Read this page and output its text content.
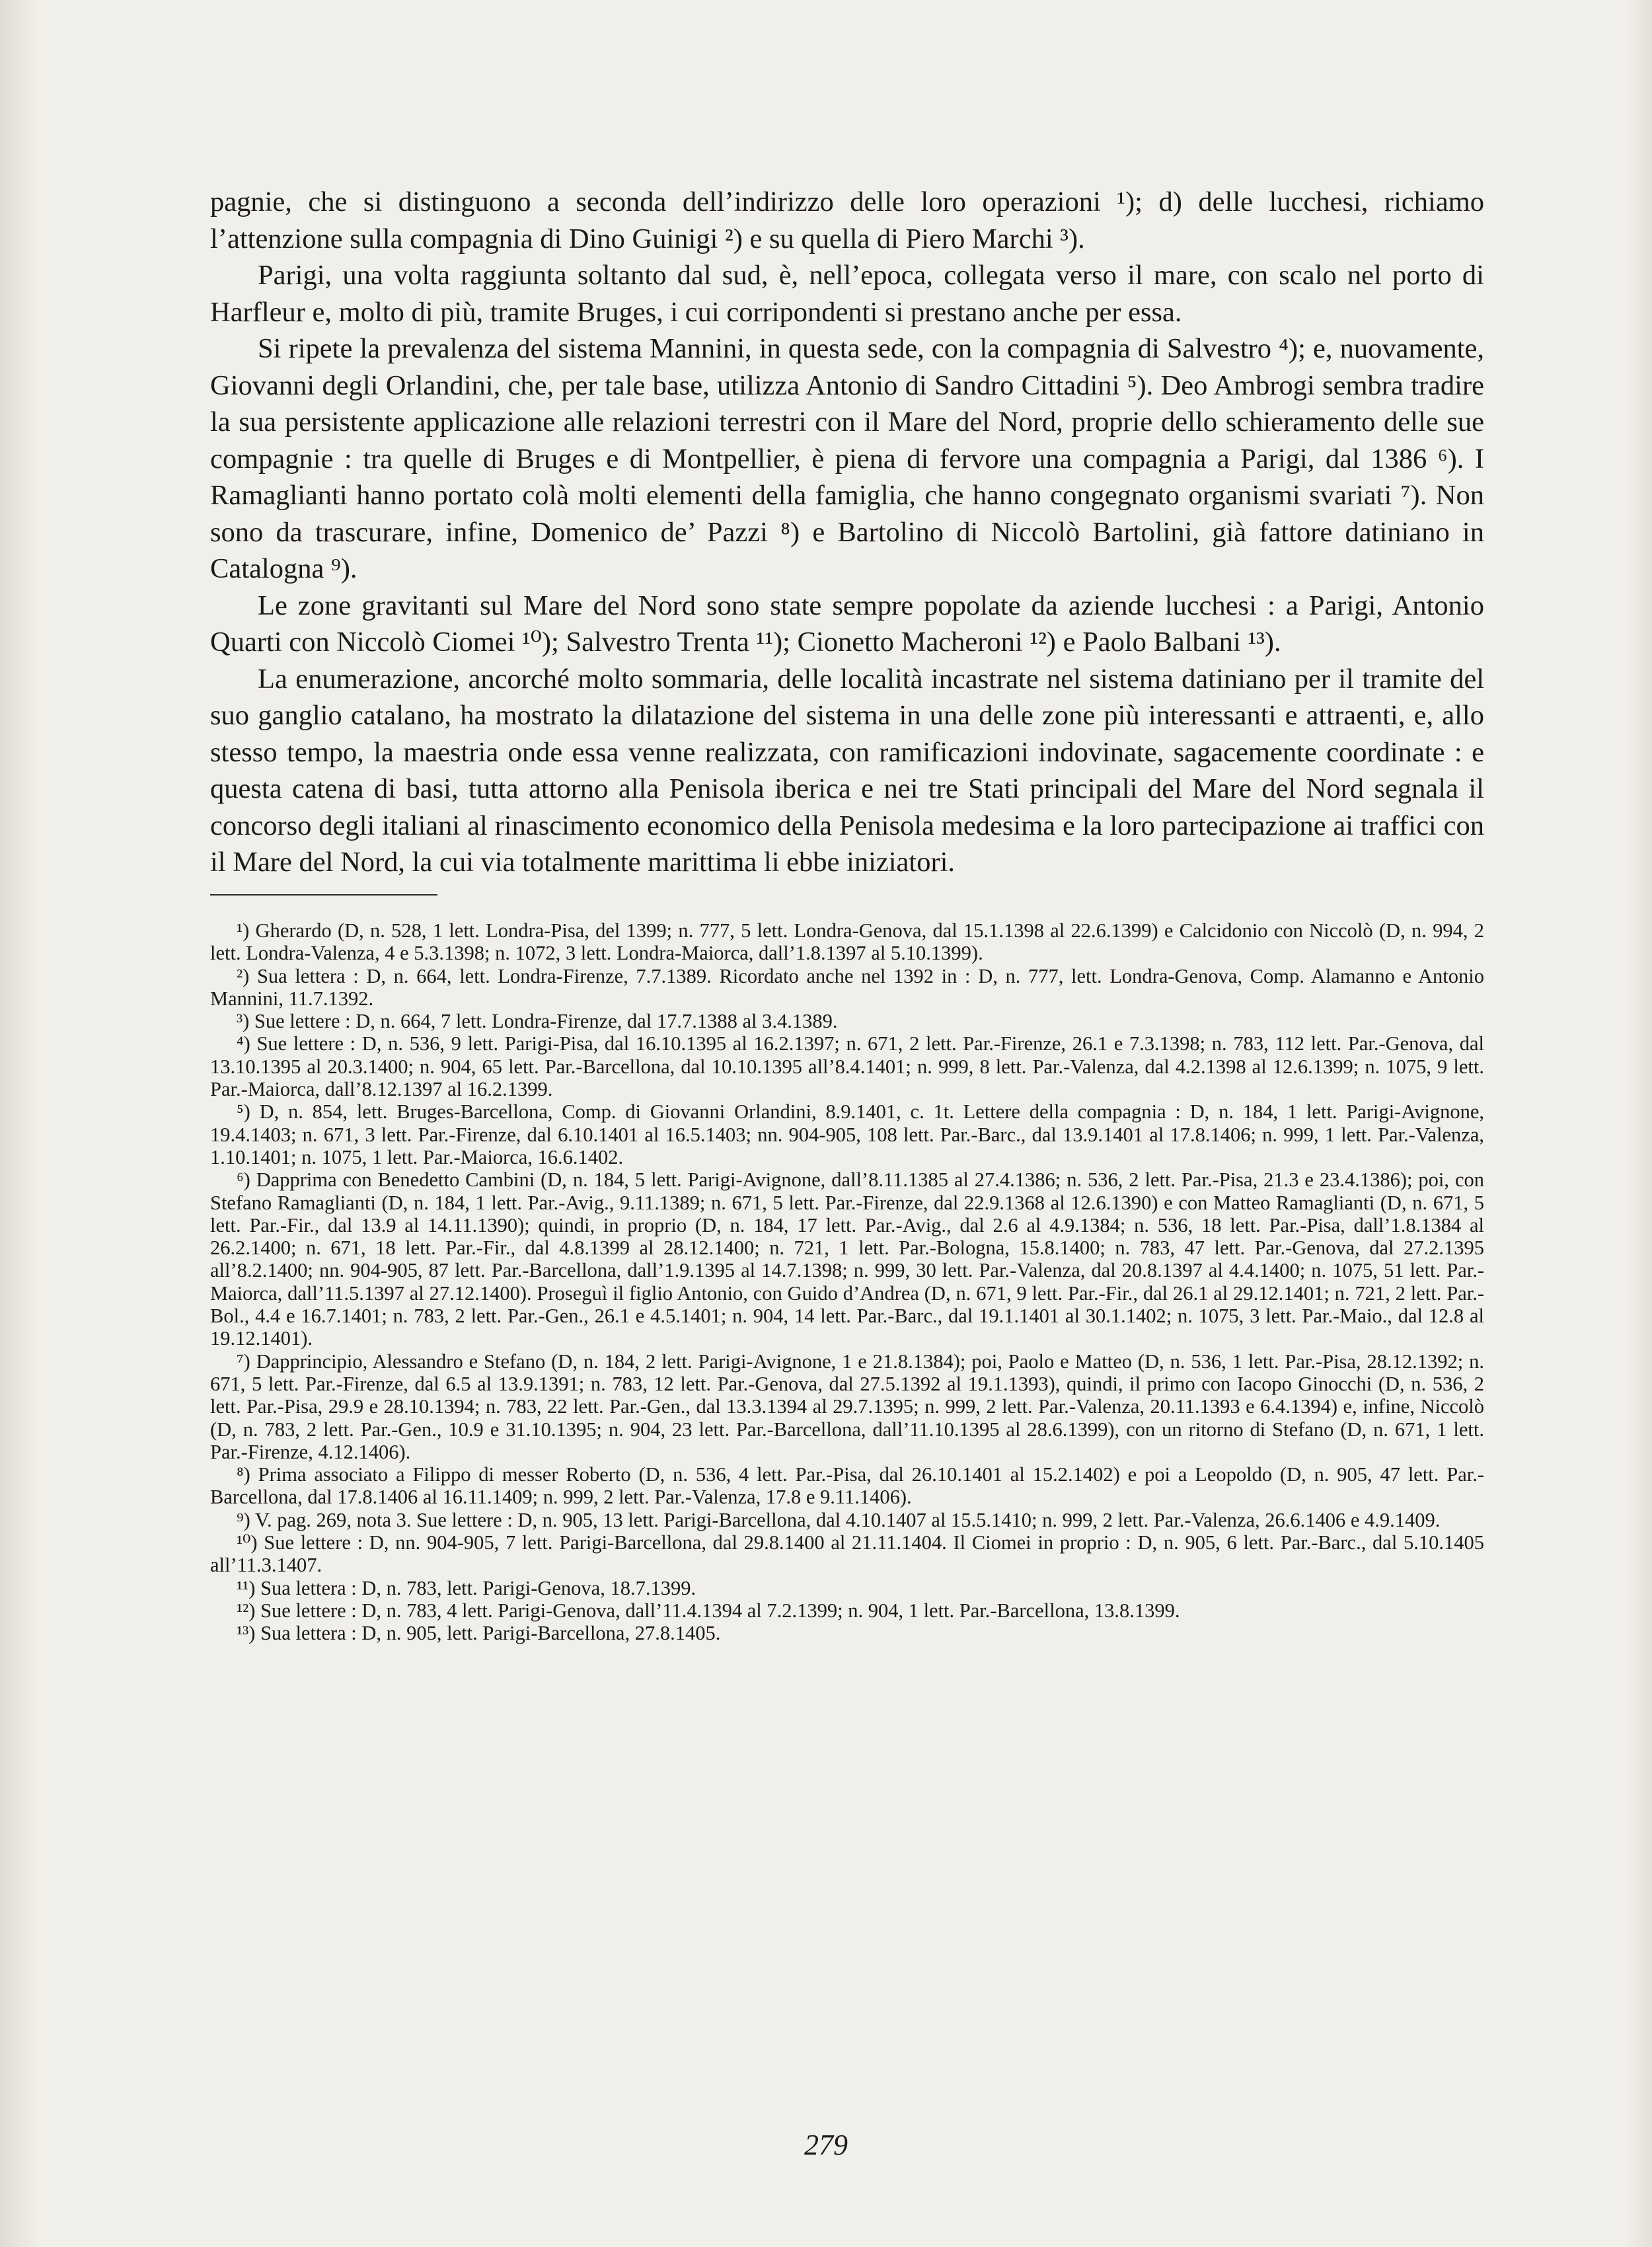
pagnie, che si distinguono a seconda dell’indirizzo delle loro operazioni ¹); d) delle lucchesi, richiamo l’attenzione sulla compagnia di Dino Guinigi ²) e su quella di Piero Marchi ³).

Parigi, una volta raggiunta soltanto dal sud, è, nell’epoca, collegata verso il mare, con scalo nel porto di Harfleur e, molto di più, tramite Bruges, i cui corripondenti si prestano anche per essa.

Si ripete la prevalenza del sistema Mannini, in questa sede, con la compagnia di Salvestro ⁴); e, nuovamente, Giovanni degli Orlandini, che, per tale base, utilizza Antonio di Sandro Cittadini ⁵). Deo Ambrogi sembra tradire la sua persistente applicazione alle relazioni terrestri con il Mare del Nord, proprie dello schieramento delle sue compagnie : tra quelle di Bruges e di Montpellier, è piena di fervore una compagnia a Parigi, dal 1386 ⁶). I Ramaglianti hanno portato colà molti elementi della famiglia, che hanno congegnato organismi svariati ⁷). Non sono da trascurare, infine, Domenico de’ Pazzi ⁸) e Bartolino di Niccolò Bartolini, già fattore datiniano in Catalogna ⁹).

Le zone gravitanti sul Mare del Nord sono state sempre popolate da aziende lucchesi : a Parigi, Antonio Quarti con Niccolò Ciomei ¹⁰); Salvestro Trenta ¹¹); Cionetto Macheroni ¹²) e Paolo Balbani ¹³).

La enumerazione, ancorché molto sommaria, delle località incastrate nel sistema datiniano per il tramite del suo ganglio catalano, ha mostrato la dilatazione del sistema in una delle zone più interessanti e attraenti, e, allo stesso tempo, la maestria onde essa venne realizzata, con ramificazioni indovinate, sagacemente coordinate : e questa catena di basi, tutta attorno alla Penisola iberica e nei tre Stati principali del Mare del Nord segnala il concorso degli italiani al rinascimento economico della Penisola medesima e la loro partecipazione ai traffici con il Mare del Nord, la cui via totalmente marittima li ebbe iniziatori.

¹) Gherardo (D, n. 528, 1 lett. Londra-Pisa, del 1399; n. 777, 5 lett. Londra-Genova, dal 15.1.1398 al 22.6.1399) e Calcidonio con Niccolò (D, n. 994, 2 lett. Londra-Valenza, 4 e 5.3.1398; n. 1072, 3 lett. Londra-Maiorca, dall’1.8.1397 al 5.10.1399).

²) Sua lettera : D, n. 664, lett. Londra-Firenze, 7.7.1389. Ricordato anche nel 1392 in : D, n. 777, lett. Londra-Genova, Comp. Alamanno e Antonio Mannini, 11.7.1392.

³) Sue lettere : D, n. 664, 7 lett. Londra-Firenze, dal 17.7.1388 al 3.4.1389.

⁴) Sue lettere : D, n. 536, 9 lett. Parigi-Pisa, dal 16.10.1395 al 16.2.1397; n. 671, 2 lett. Par.-Firenze, 26.1 e 7.3.1398; n. 783, 112 lett. Par.-Genova, dal 13.10.1395 al 20.3.1400; n. 904, 65 lett. Par.-Barcellona, dal 10.10.1395 all’8.4.1401; n. 999, 8 lett. Par.-Valenza, dal 4.2.1398 al 12.6.1399; n. 1075, 9 lett. Par.-Maiorca, dall’8.12.1397 al 16.2.1399.

⁵) D, n. 854, lett. Bruges-Barcellona, Comp. di Giovanni Orlandini, 8.9.1401, c. 1t. Lettere della compagnia : D, n. 184, 1 lett. Parigi-Avignone, 19.4.1403; n. 671, 3 lett. Par.-Firenze, dal 6.10.1401 al 16.5.1403; nn. 904-905, 108 lett. Par.-Barc., dal 13.9.1401 al 17.8.1406; n. 999, 1 lett. Par.-Valenza, 1.10.1401; n. 1075, 1 lett. Par.-Maiorca, 16.6.1402.

⁶) Dapprima con Benedetto Cambini (D, n. 184, 5 lett. Parigi-Avignone, dall’8.11.1385 al 27.4.1386; n. 536, 2 lett. Par.-Pisa, 21.3 e 23.4.1386); poi, con Stefano Ramaglianti (D, n. 184, 1 lett. Par.-Avig., 9.11.1389; n. 671, 5 lett. Par.-Firenze, dal 22.9.1368 al 12.6.1390) e con Matteo Ramaglianti (D, n. 671, 5 lett. Par.-Fir., dal 13.9 al 14.11.1390); quindi, in proprio (D, n. 184, 17 lett. Par.-Avig., dal 2.6 al 4.9.1384; n. 536, 18 lett. Par.-Pisa, dall’1.8.1384 al 26.2.1400; n. 671, 18 lett. Par.-Fir., dal 4.8.1399 al 28.12.1400; n. 721, 1 lett. Par.-Bologna, 15.8.1400; n. 783, 47 lett. Par.-Genova, dal 27.2.1395 all’8.2.1400; nn. 904-905, 87 lett. Par.-Barcellona, dall’1.9.1395 al 14.7.1398; n. 999, 30 lett. Par.-Valenza, dal 20.8.1397 al 4.4.1400; n. 1075, 51 lett. Par.-Maiorca, dall’11.5.1397 al 27.12.1400). Proseguì il figlio Antonio, con Guido d’Andrea (D, n. 671, 9 lett. Par.-Fir., dal 26.1 al 29.12.1401; n. 721, 2 lett. Par.-Bol., 4.4 e 16.7.1401; n. 783, 2 lett. Par.-Gen., 26.1 e 4.5.1401; n. 904, 14 lett. Par.-Barc., dal 19.1.1401 al 30.1.1402; n. 1075, 3 lett. Par.-Maio., dal 12.8 al 19.12.1401).

⁷) Dapprincipio, Alessandro e Stefano (D, n. 184, 2 lett. Parigi-Avignone, 1 e 21.8.1384); poi, Paolo e Matteo (D, n. 536, 1 lett. Par.-Pisa, 28.12.1392; n. 671, 5 lett. Par.-Firenze, dal 6.5 al 13.9.1391; n. 783, 12 lett. Par.-Genova, dal 27.5.1392 al 19.1.1393), quindi, il primo con Iacopo Ginocchi (D, n. 536, 2 lett. Par.-Pisa, 29.9 e 28.10.1394; n. 783, 22 lett. Par.-Gen., dal 13.3.1394 al 29.7.1395; n. 999, 2 lett. Par.-Valenza, 20.11.1393 e 6.4.1394) e, infine, Niccolò (D, n. 783, 2 lett. Par.-Gen., 10.9 e 31.10.1395; n. 904, 23 lett. Par.-Barcellona, dall’11.10.1395 al 28.6.1399), con un ritorno di Stefano (D, n. 671, 1 lett. Par.-Firenze, 4.12.1406).

⁸) Prima associato a Filippo di messer Roberto (D, n. 536, 4 lett. Par.-Pisa, dal 26.10.1401 al 15.2.1402) e poi a Leopoldo (D, n. 905, 47 lett. Par.-Barcellona, dal 17.8.1406 al 16.11.1409; n. 999, 2 lett. Par.-Valenza, 17.8 e 9.11.1406).

⁹) V. pag. 269, nota 3. Sue lettere : D, n. 905, 13 lett. Parigi-Barcellona, dal 4.10.1407 al 15.5.1410; n. 999, 2 lett. Par.-Valenza, 26.6.1406 e 4.9.1409.

¹⁰) Sue lettere : D, nn. 904-905, 7 lett. Parigi-Barcellona, dal 29.8.1400 al 21.11.1404. Il Ciomei in proprio : D, n. 905, 6 lett. Par.-Barc., dal 5.10.1405 all’11.3.1407.

¹¹) Sua lettera : D, n. 783, lett. Parigi-Genova, 18.7.1399.

¹²) Sue lettere : D, n. 783, 4 lett. Parigi-Genova, dall’11.4.1394 al 7.2.1399; n. 904, 1 lett. Par.-Barcellona, 13.8.1399.

¹³) Sua lettera : D, n. 905, lett. Parigi-Barcellona, 27.8.1405.

279
